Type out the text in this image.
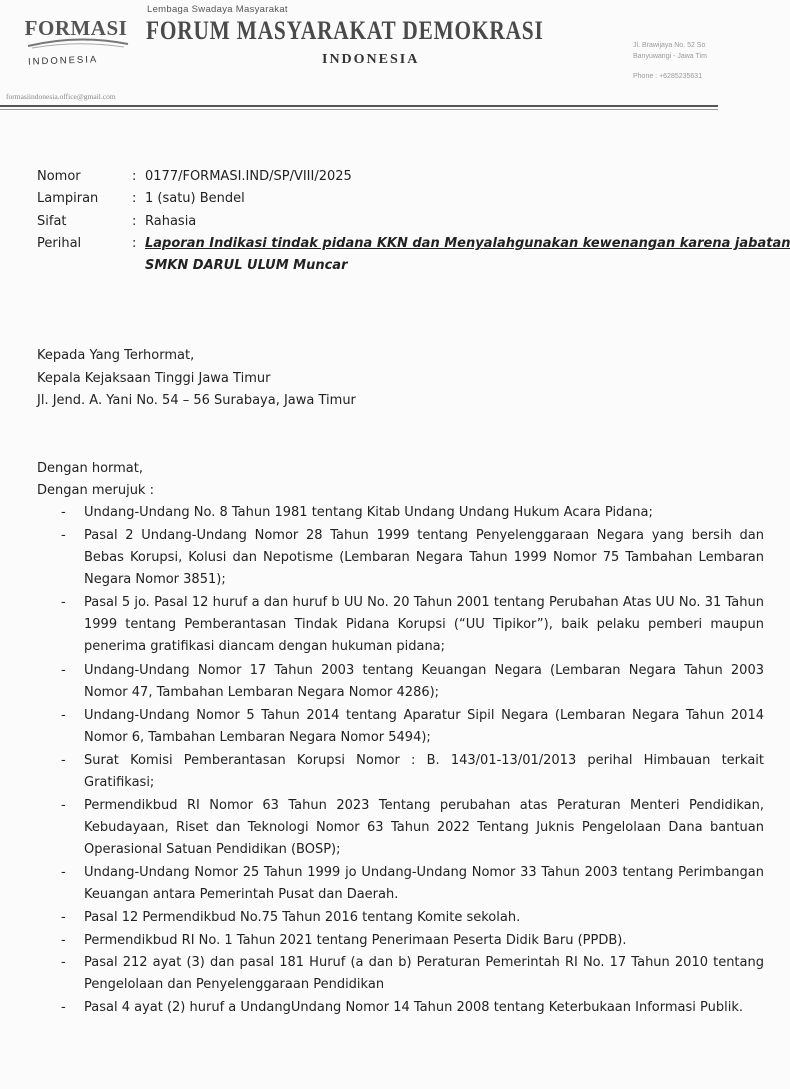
FORMASI
INDONESIA
Lembaga Swadaya Masyarakat
FORUM MASYARAKAT DEMOKRASI
INDONESIA
Jl. Brawijaya No. 52 So
Banyuwangi - Jawa Tim
Phone : +6285235631
formasiindonesia.office@gmail.com
Nomor	: 0177/FORMASI.IND/SP/VIII/2025
Lampiran	: 1 (satu) Bendel
Sifat	: Rahasia
Perihal	: Laporan Indikasi tindak pidana KKN dan Menyalahgunakan kewenangan karena jabatan
SMKN DARUL ULUM Muncar
Kepada Yang Terhormat,
Kepala Kejaksaan Tinggi Jawa Timur
Jl. Jend. A. Yani No. 54 – 56 Surabaya, Jawa Timur
Dengan hormat,
Dengan merujuk :
- Undang-Undang No. 8 Tahun 1981 tentang Kitab Undang Undang Hukum Acara Pidana;
- Pasal 2 Undang-Undang Nomor 28 Tahun 1999 tentang Penyelenggaraan Negara yang bersih dan Bebas Korupsi, Kolusi dan Nepotisme (Lembaran Negara Tahun 1999 Nomor 75 Tambahan Lembaran Negara Nomor 3851);
- Pasal 5 jo. Pasal 12 huruf a dan huruf b UU No. 20 Tahun 2001 tentang Perubahan Atas UU No. 31 Tahun 1999 tentang Pemberantasan Tindak Pidana Korupsi (“UU Tipikor”), baik pelaku pemberi maupun penerima gratifikasi diancam dengan hukuman pidana;
- Undang-Undang Nomor 17 Tahun 2003 tentang Keuangan Negara (Lembaran Negara Tahun 2003 Nomor 47, Tambahan Lembaran Negara Nomor 4286);
- Undang-Undang Nomor 5 Tahun 2014 tentang Aparatur Sipil Negara (Lembaran Negara Tahun 2014 Nomor 6, Tambahan Lembaran Negara Nomor 5494);
- Surat Komisi Pemberantasan Korupsi Nomor : B. 143/01-13/01/2013 perihal Himbauan terkait Gratifikasi;
- Permendikbud RI Nomor 63 Tahun 2023 Tentang perubahan atas Peraturan Menteri Pendidikan, Kebudayaan, Riset dan Teknologi Nomor 63 Tahun 2022 Tentang Juknis Pengelolaan Dana bantuan Operasional Satuan Pendidikan (BOSP);
- Undang-Undang Nomor 25 Tahun 1999 jo Undang-Undang Nomor 33 Tahun 2003 tentang Perimbangan Keuangan antara Pemerintah Pusat dan Daerah.
- Pasal 12 Permendikbud No.75 Tahun 2016 tentang Komite sekolah.
- Permendikbud RI No. 1 Tahun 2021 tentang Penerimaan Peserta Didik Baru (PPDB).
- Pasal 212 ayat (3) dan pasal 181 Huruf (a dan b) Peraturan Pemerintah RI No. 17 Tahun 2010 tentang Pengelolaan dan Penyelenggaraan Pendidikan
- Pasal 4 ayat (2) huruf a UndangUndang Nomor 14 Tahun 2008 tentang Keterbukaan Informasi Publik.
